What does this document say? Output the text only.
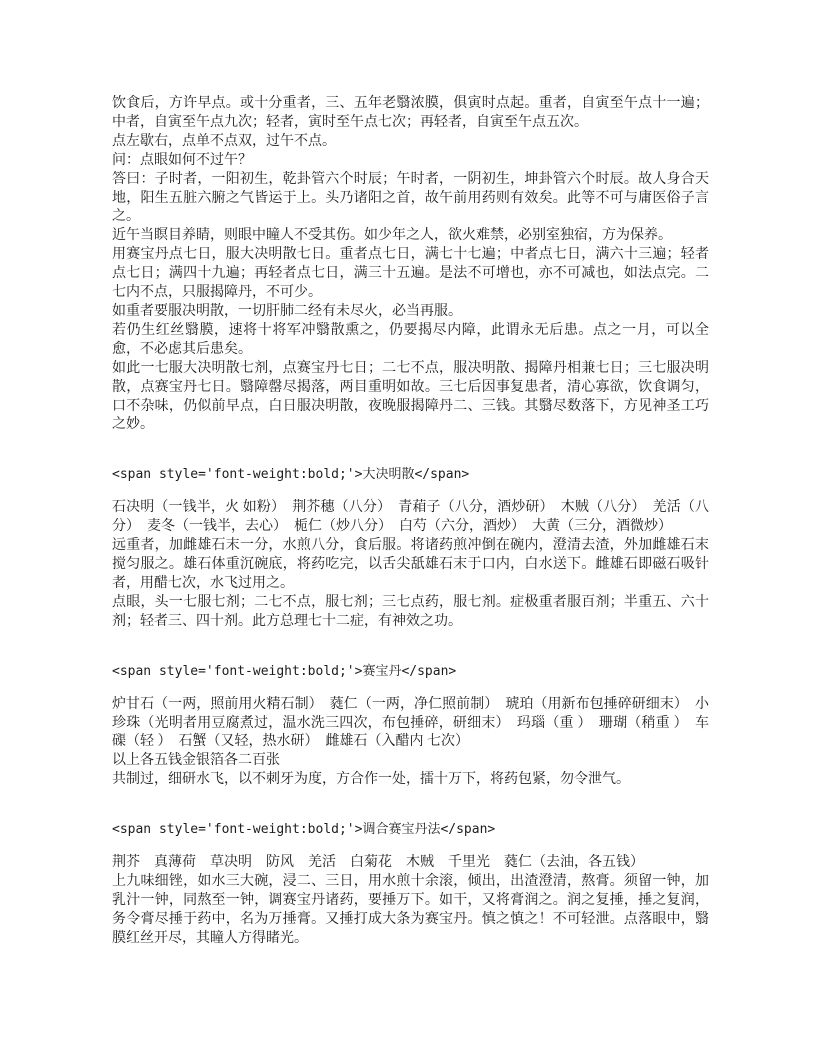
饮食后，方许早点。或十分重者，三、五年老翳浓膜，俱寅时点起。重者，自寅至午点十一遍；中者，自寅至午点九次；轻者，寅时至午点七次；再轻者，自寅至午点五次。

点左歇右，点单不点双，过午不点。

问：点眼如何不过午？

答曰：子时者，一阳初生，乾卦管六个时辰；午时者，一阴初生，坤卦管六个时辰。故人身合天地，阳生五脏六腑之气皆运于上。头乃诸阳之首，故午前用药则有效矣。此等不可与庸医俗子言之。

近午当瞑目养睛，则眼中瞳人不受其伤。如少年之人，欲火难禁，必别室独宿，方为保养。

用赛宝丹点七日，服大决明散七日。重者点七日，满七十七遍；中者点七日，满六十三遍；轻者点七日；满四十九遍；再轻者点七日，满三十五遍。是法不可增也，亦不可减也，如法点完。二七内不点，只服揭障丹，不可少。

如重者要服决明散，一切肝肺二经有未尽火，必当再服。

若仍生红丝翳膜，速将十将军冲翳散熏之，仍要揭尽内障，此谓永无后患。点之一月，可以全愈，不必虑其后患矣。

如此一七服大决明散七剂，点赛宝丹七日；二七不点，服决明散、揭障丹相兼七日；三七服决明散，点赛宝丹七日。翳障罄尽揭落，两目重明如故。三七后因事复患者，清心寡欲，饮食调匀，口不杂味，仍似前早点，白日服决明散，夜晚服揭障丹二、三钱。其翳尽数落下，方见神圣工巧之妙。

<span style='font-weight:bold;'>大决明散</span>

石决明（一钱半，火 如粉）　荆芥穗（八分）　青葙子（八分，酒炒研）　木贼（八分）　羌活（八分）　麦冬（一钱半，去心）　栀仁（炒八分）　白芍（六分，酒炒）　大黄（三分，酒微炒）

远重者，加雌雄石末一分，水煎八分，食后服。将诸药煎冲倒在碗内，澄清去渣，外加雌雄石末搅匀服之。雄石体重沉碗底，将药吃完，以舌尖舐雄石末于口内，白水送下。雌雄石即磁石吸针者，用醋七次，水飞过用之。

点眼，头一七服七剂；二七不点，服七剂；三七点药，服七剂。症极重者服百剂；半重五、六十剂；轻者三、四十剂。此方总理七十二症，有神效之功。

<span style='font-weight:bold;'>赛宝丹</span>

炉甘石（一两，照前用火精石制）　蕤仁（一两，净仁照前制）　琥珀（用新布包捶碎研细末）　小珍珠（光明者用豆腐煮过，温水洗三四次，布包捶碎，研细末）　玛瑙（重 ）　珊瑚（稍重 ）　车磲（轻 ）　石蟹（又轻，热水研）　雌雄石（入醋内 七次）

以上各五钱金银箔各二百张

共制过，细研水飞，以不刺牙为度，方合作一处，擂十万下，将药包紧，勿令泄气。

<span style='font-weight:bold;'>调合赛宝丹法</span>

荆芥　真薄荷　草决明　防风　羌活　白菊花　木贼　千里光　蕤仁（去油，各五钱）

上九味细锉，如水三大碗，浸二、三日，用水煎十余滚，倾出，出渣澄清，熬膏。须留一钟，加乳汁一钟，同熬至一钟，调赛宝丹诸药，要捶万下。如干，又将膏润之。润之复捶，捶之复润，务令膏尽捶于药中，名为万捶膏。又捶打成大条为赛宝丹。慎之慎之！不可轻泄。点落眼中，翳膜红丝开尽，其瞳人方得睹光。
